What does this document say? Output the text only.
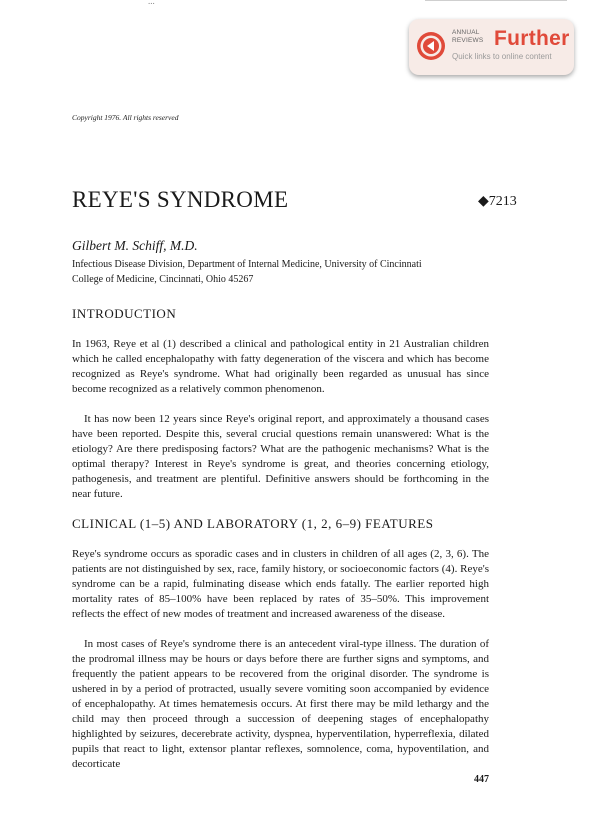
...
ANNUAL
REVIEWS Further
Quick links to online content
Copyright 1976. All rights reserved
REYE'S SYNDROME	◆7213
Gilbert M. Schiff, M.D.
Infectious Disease Division, Department of Internal Medicine, University of Cincinnati
College of Medicine, Cincinnati, Ohio 45267
INTRODUCTION

In 1963, Reye et al (1) described a clinical and pathological entity in 21 Australian children which he called encephalopathy with fatty degeneration of the viscera and which has become recognized as Reye's syndrome. What had originally been regarded as unusual has since become recognized as a relatively common phenomenon.

It has now been 12 years since Reye's original report, and approximately a thousand cases have been reported. Despite this, several crucial questions remain unanswered: What is the etiology? Are there predisposing factors? What are the pathogenic mechanisms? What is the optimal therapy? Interest in Reye's syndrome is great, and theories concerning etiology, pathogenesis, and treatment are plentiful. Definitive answers should be forthcoming in the near future.

CLINICAL (1–5) AND LABORATORY (1, 2, 6–9) FEATURES

Reye's syndrome occurs as sporadic cases and in clusters in children of all ages (2, 3, 6). The patients are not distinguished by sex, race, family history, or socioeconomic factors (4). Reye's syndrome can be a rapid, fulminating disease which ends fatally. The earlier reported high mortality rates of 85–100% have been replaced by rates of 35–50%. This improvement reflects the effect of new modes of treatment and increased awareness of the disease.

In most cases of Reye's syndrome there is an antecedent viral-type illness. The duration of the prodromal illness may be hours or days before there are further signs and symptoms, and frequently the patient appears to be recovered from the original disorder. The syndrome is ushered in by a period of protracted, usually severe vomiting soon accompanied by evidence of encephalopathy. At times hematemesis occurs. At first there may be mild lethargy and the child may then proceed through a succession of deepening stages of encephalopathy highlighted by seizures, decerebrate activity, dyspnea, hyperventilation, hyperreflexia, dilated pupils that react to light, extensor plantar reflexes, somnolence, coma, hypoventilation, and decorticate

447
